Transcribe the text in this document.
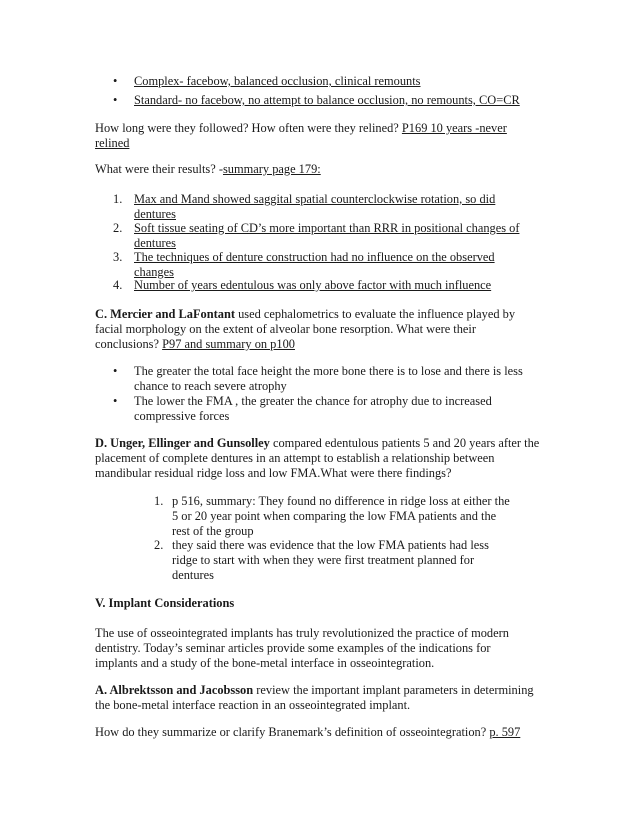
• Complex- facebow, balanced occlusion, clinical remounts
• Standard- no facebow, no attempt to balance occlusion, no remounts, CO=CR

How long were they followed? How often were they relined? P169 10 years -never relined

What were their results? -summary page 179:

1. Max and Mand showed saggital spatial counterclockwise rotation, so did dentures
2. Soft tissue seating of CD’s more important than RRR in positional changes of dentures
3. The techniques of denture construction had no influence on the observed changes
4. Number of years edentulous was only above factor with much influence

C. Mercier and LaFontant used cephalometrics to evaluate the influence played by facial morphology on the extent of alveolar bone resorption. What were their conclusions? P97 and summary on p100

• The greater the total face height the more bone there is to lose and there is less chance to reach severe atrophy
• The lower the FMA , the greater the chance for atrophy due to increased compressive forces

D. Unger, Ellinger and Gunsolley compared edentulous patients 5 and 20 years after the placement of complete dentures in an attempt to establish a relationship between mandibular residual ridge loss and low FMA.What were there findings?

1. p 516, summary: They found no difference in ridge loss at either the 5 or 20 year point when comparing the low FMA patients and the rest of the group
2. they said there was evidence that the low FMA patients had less ridge to start with when they were first treatment planned for dentures

V. Implant Considerations

The use of osseointegrated implants has truly revolutionized the practice of modern dentistry. Today’s seminar articles provide some examples of the indications for implants and a study of the bone-metal interface in osseointegration.

A. Albrektsson and Jacobsson review the important implant parameters in determining the bone-metal interface reaction in an osseointegrated implant.

How do they summarize or clarify Branemark’s definition of osseointegration? p. 597
